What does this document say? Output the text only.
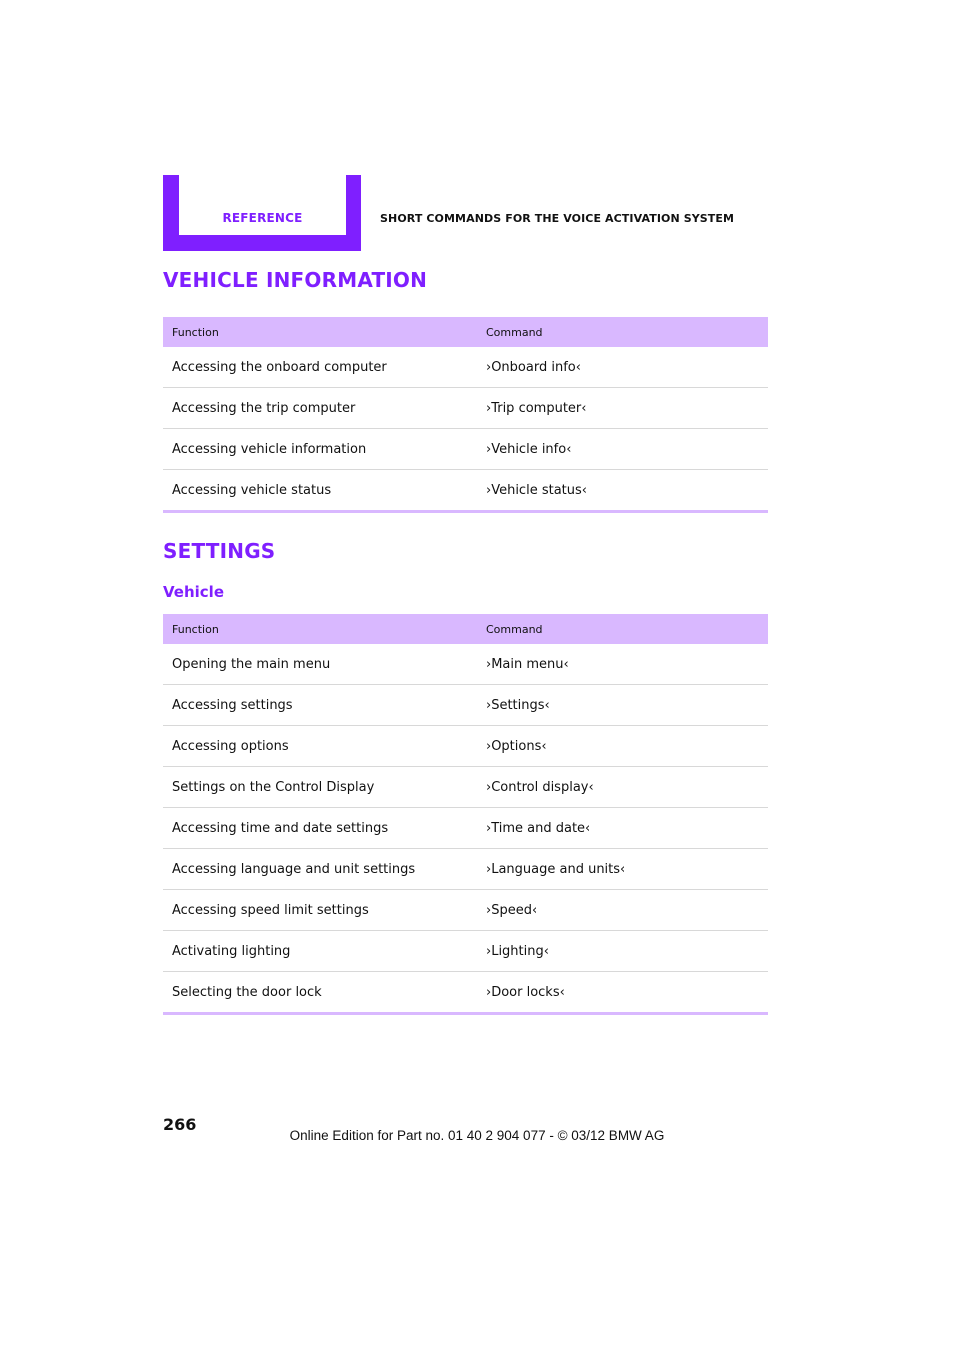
REFERENCE	SHORT COMMANDS FOR THE VOICE ACTIVATION SYSTEM
VEHICLE INFORMATION
Function	Command
Accessing the onboard computer	›Onboard info‹
Accessing the trip computer	›Trip computer‹
Accessing vehicle information	›Vehicle info‹
Accessing vehicle status	›Vehicle status‹
SETTINGS
Vehicle
Function	Command
Opening the main menu	›Main menu‹
Accessing settings	›Settings‹
Accessing options	›Options‹
Settings on the Control Display	›Control display‹
Accessing time and date settings	›Time and date‹
Accessing language and unit settings	›Language and units‹
Accessing speed limit settings	›Speed‹
Activating lighting	›Lighting‹
Selecting the door lock	›Door locks‹
266
Online Edition for Part no. 01 40 2 904 077 - © 03/12 BMW AG
